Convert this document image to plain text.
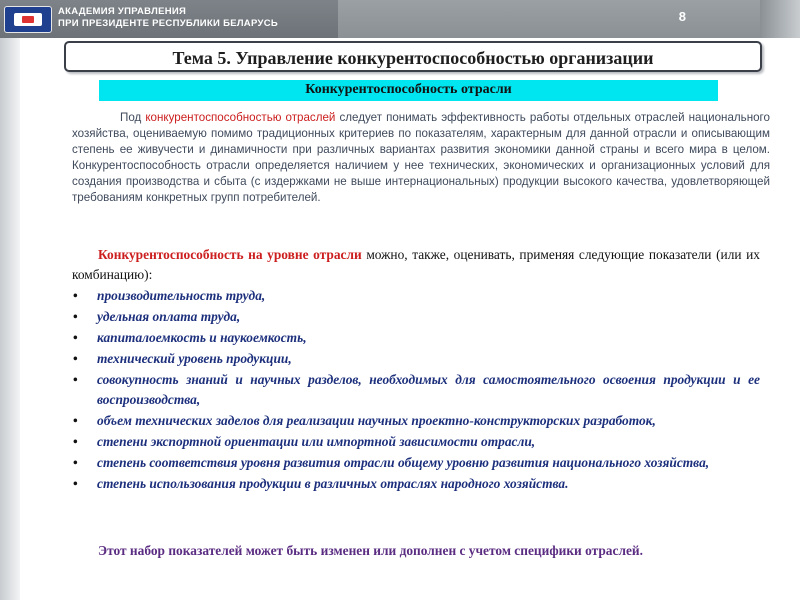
АКАДЕМИЯ УПРАВЛЕНИЯ
ПРИ ПРЕЗИДЕНТЕ РЕСПУБЛИКИ БЕЛАРУСЬ	8
Тема 5. Управление конкурентоспособностью организации
Конкурентоспособность отрасли
Под конкурентоспособностью отраслей следует понимать эффективность работы отдельных отраслей национального хозяйства, оцениваемую помимо традиционных критериев по показателям, характерным для данной отрасли и описывающим степень ее живучести и динамичности при различных вариантах развития экономики данной страны и всего мира в целом. Конкурентоспособность отрасли определяется наличием у нее технических, экономических и организационных условий для создания производства и сбыта (с издержками не выше интернациональных) продукции высокого качества, удовлетворяющей требованиям конкретных групп потребителей.
Конкурентоспособность на уровне отрасли можно, также, оценивать, применяя следующие показатели (или их комбинацию):
• производительность труда,
• удельная оплата труда,
• капиталоемкость и наукоемкость,
• технический уровень продукции,
• совокупность знаний и научных разделов, необходимых для самостоятельного освоения продукции и ее воспроизводства,
• объем технических заделов для реализации научных проектно-конструкторских разработок,
• степени экспортной ориентации или импортной зависимости отрасли,
• степень соответствия уровня развития отрасли общему уровню развития национального хозяйства,
• степень использования продукции в различных отраслях народного хозяйства.
Этот набор показателей может быть изменен или дополнен с учетом специфики отраслей.
